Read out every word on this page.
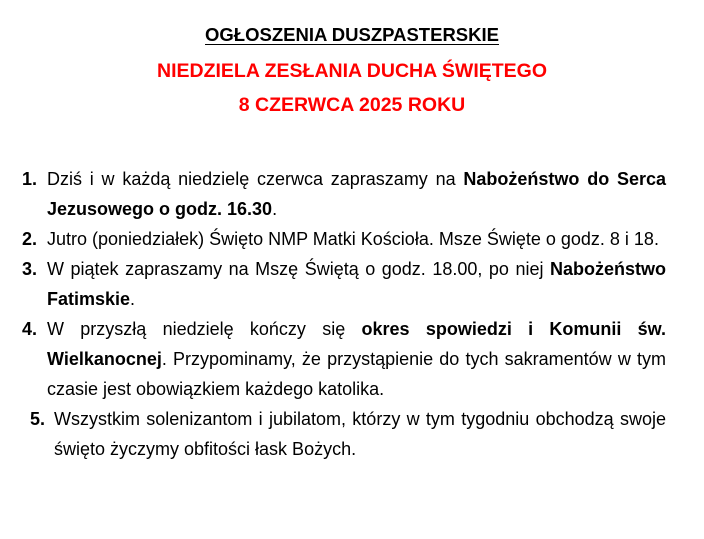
OGŁOSZENIA DUSZPASTERSKIE
NIEDZIELA ZESŁANIA DUCHA ŚWIĘTEGO
8 CZERWCA 2025 ROKU
1. Dziś i w każdą niedzielę czerwca zapraszamy na Nabożeństwo do Serca Jezusowego o godz. 16.30.
2. Jutro (poniedziałek) Święto NMP Matki Kościoła. Msze Święte o godz. 8 i 18.
3. W piątek zapraszamy na Mszę Świętą o godz. 18.00, po niej Nabożeństwo Fatimskie.
4. W przyszłą niedzielę kończy się okres spowiedzi i Komunii św. Wielkanocnej. Przypominamy, że przystąpienie do tych sakramentów w tym czasie jest obowiązkiem każdego katolika.
5. Wszystkim solenizantom i jubilatom, którzy w tym tygodniu obchodzą swoje święto życzymy obfitości łask Bożych.
